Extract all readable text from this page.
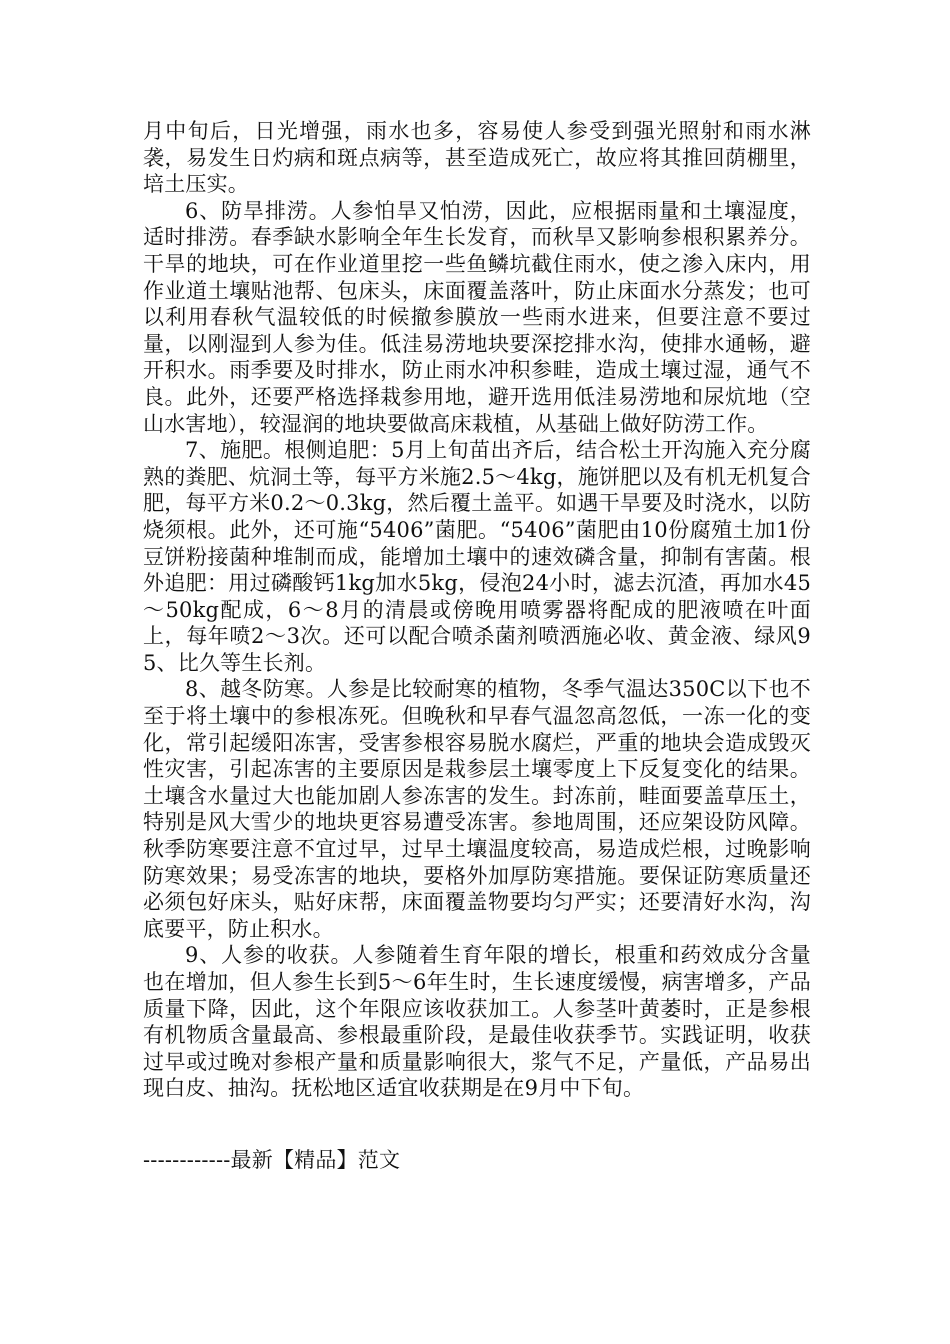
月中旬后，日光增强，雨水也多，容易使人参受到强光照射和雨水淋袭，易发生日灼病和斑点病等，甚至造成死亡，故应将其推回荫棚里，培土压实。

6、防旱排涝。人参怕旱又怕涝，因此，应根据雨量和土壤湿度，适时排涝。春季缺水影响全年生长发育，而秋旱又影响参根积累养分。干旱的地块，可在作业道里挖一些鱼鳞坑截住雨水，使之渗入床内，用作业道土壤贴池帮、包床头，床面覆盖落叶，防止床面水分蒸发；也可以利用春秋气温较低的时候撤参膜放一些雨水进来，但要注意不要过量，以刚湿到人参为佳。低洼易涝地块要深挖排水沟，使排水通畅，避开积水。雨季要及时排水，防止雨水冲积参畦，造成土壤过湿，通气不良。此外，还要严格选择栽参用地，避开选用低洼易涝地和尿炕地（空山水害地），较湿润的地块要做高床栽植，从基础上做好防涝工作。

7、施肥。根侧追肥：5月上旬苗出齐后，结合松土开沟施入充分腐熟的粪肥、炕洞土等，每平方米施2.5～4kg，施饼肥以及有机无机复合肥，每平方米0.2～0.3kg，然后覆土盖平。如遇干旱要及时浇水，以防烧须根。此外，还可施“5406”菌肥。“5406”菌肥由10份腐殖土加1份豆饼粉接菌种堆制而成，能增加土壤中的速效磷含量，抑制有害菌。根外追肥：用过磷酸钙1kg加水5kg，侵泡24小时，滤去沉渣，再加水45～50kg配成，6～8月的清晨或傍晚用喷雾器将配成的肥液喷在叶面上，每年喷2～3次。还可以配合喷杀菌剂喷洒施必收、黄金液、绿风95、比久等生长剂。

8、越冬防寒。人参是比较耐寒的植物，冬季气温达350C以下也不至于将土壤中的参根冻死。但晚秋和早春气温忽高忽低，一冻一化的变化，常引起缓阳冻害，受害参根容易脱水腐烂，严重的地块会造成毁灭性灾害，引起冻害的主要原因是栽参层土壤零度上下反复变化的结果。土壤含水量过大也能加剧人参冻害的发生。封冻前，畦面要盖草压土，特别是风大雪少的地块更容易遭受冻害。参地周围，还应架设防风障。秋季防寒要注意不宜过早，过早土壤温度较高，易造成烂根，过晚影响防寒效果；易受冻害的地块，要格外加厚防寒措施。要保证防寒质量还必须包好床头，贴好床帮，床面覆盖物要均匀严实；还要清好水沟，沟底要平，防止积水。

9、人参的收获。人参随着生育年限的增长，根重和药效成分含量也在增加，但人参生长到5～6年生时，生长速度缓慢，病害增多，产品质量下降，因此，这个年限应该收获加工。人参茎叶黄萎时，正是参根有机物质含量最高、参根最重阶段，是最佳收获季节。实践证明，收获过早或过晚对参根产量和质量影响很大，浆气不足，产量低，产品易出现白皮、抽沟。抚松地区适宜收获期是在9月中下旬。

------------最新【精品】范文
